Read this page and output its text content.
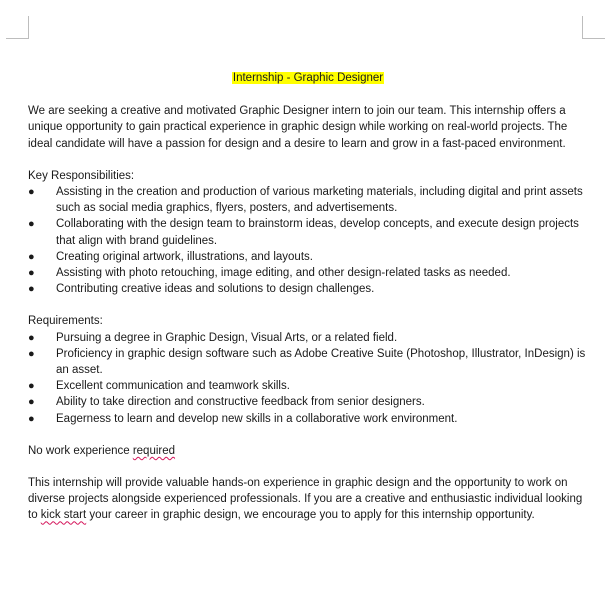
Internship - Graphic Designer

We are seeking a creative and motivated Graphic Designer intern to join our team. This internship offers a unique opportunity to gain practical experience in graphic design while working on real-world projects. The ideal candidate will have a passion for design and a desire to learn and grow in a fast-paced environment.

Key Responsibilities:

● Assisting in the creation and production of various marketing materials, including digital and print assets such as social media graphics, flyers, posters, and advertisements.
● Collaborating with the design team to brainstorm ideas, develop concepts, and execute design projects that align with brand guidelines.
● Creating original artwork, illustrations, and layouts.
● Assisting with photo retouching, image editing, and other design-related tasks as needed.
● Contributing creative ideas and solutions to design challenges.

Requirements:

● Pursuing a degree in Graphic Design, Visual Arts, or a related field.
● Proficiency in graphic design software such as Adobe Creative Suite (Photoshop, Illustrator, InDesign) is an asset.
● Excellent communication and teamwork skills.
● Ability to take direction and constructive feedback from senior designers.
● Eagerness to learn and develop new skills in a collaborative work environment.

No work experience required

This internship will provide valuable hands-on experience in graphic design and the opportunity to work on diverse projects alongside experienced professionals. If you are a creative and enthusiastic individual looking to kick start your career in graphic design, we encourage you to apply for this internship opportunity.
